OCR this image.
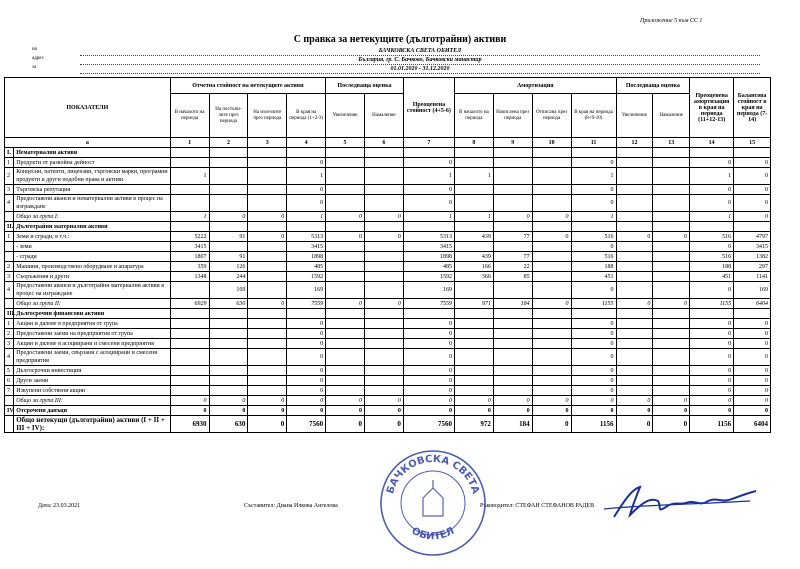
Приложение 5 към СС 1
С правка за нетекущите (дълготрайни) активи
на	БАЧКОВСКА СВЕТА ОБИТЕЛ
адрес	България, гр. С. Бачково, Бачковски манастир
за	01.01.2020 - 31.12.2020
ПОКАЗАТЕЛИ		Отчетна стойност на нетекущите активи				Последваща оценка		Преоценена стойност (4+5-6)	Амортизация				Последваща оценка		Преоценена амортизация в края на периода (11+12-13)	Балансова стойност в края на периода (7-14)
		В началото на периода	На постъпи-лите през периода	На излезлите през периода	В края на периода (1+2-3)	Увеличение	Намаление		В началото на периода	Начислена през периода	Отписана през периода	В края на периода (8+9-10)	Увеличение	Намаление		
а		1	2	3	4	5	6	7	8	9	10	11	12	13	14	15
I.	Нематериални активи															
1	Продукти от развойна дейност				0			0				0			0	0
2	Концесии, патенти, лицензии, търговски марки, програмни продукти и други подобни права и активи	1			1			1	1			1			1	0
3	Търговска репутация				0			0				0			0	0
4	Предоставени аванси и нематериални активи в процес на изграждане				0			0				0			0	0
	Общо за група I:	1	0	0	1	0	0	1	1	0	0	1			1	0
II.	Дълготрайни материални активи															
1	Земи и сгради, в т.ч.:	5222	91	0	5313	0	0	5313	439	77	0	516	0	0	516	4797
	- земи	3415			3415			3415				0			0	3415
	- сгради	1807	91		1898			1898	439	77		516			516	1382
2	Машини, производствено оборудване и апаратура	359	126		485			485	166	22		188			188	297
3	Съоръжения и други	1348	244		1592			1592	366	85		451			451	1141
4	Предоставени аванси и дълготрайни материални активи в процес на изграждане		169		169			169				0			0	169
	Общо за група II:	6929	630	0	7559	0	0	7559	971	184	0	1155	0	0	1155	6404
III.	Дългосрочни финансови активи															
1	Акции и дялове в предприятия от група				0			0				0			0	0
2	Предоставени заеми на предприятия от група				0			0				0			0	0
3	Акции и дялове в асоциирани и смесени предприятия				0			0				0			0	0
4	Предоставени заеми, свързани с асоциирани и смесени предприятия				0			0				0			0	0
5	Дългосрочни инвестиции				0			0				0			0	0
6	Други заеми				0			0				0			0	0
7	Изкупени собствени акции				0			0				0			0	0
	Общо за група III:	0	0	0	0	0	0	0	0	0	0	0	0	0	0	0
IV.	Отсрочени данъци	0	0	0	0	0	0	0	0	0	0	0	0	0	0	0
	Общо нетекущи (дълготрайни) активи (I + II + III + IV):	6930	630	0	7560	0	0	7560	972	184	0	1156	0	0	1156	6404
Дата: 23.03.2021	Съставител: Диана Илкова Ангелова	Ръководител: СТЕФАН СТЕФАНОВ РАДЕВ
БАЧКОВСКА СВЕТА
ОБИТЕЛ
